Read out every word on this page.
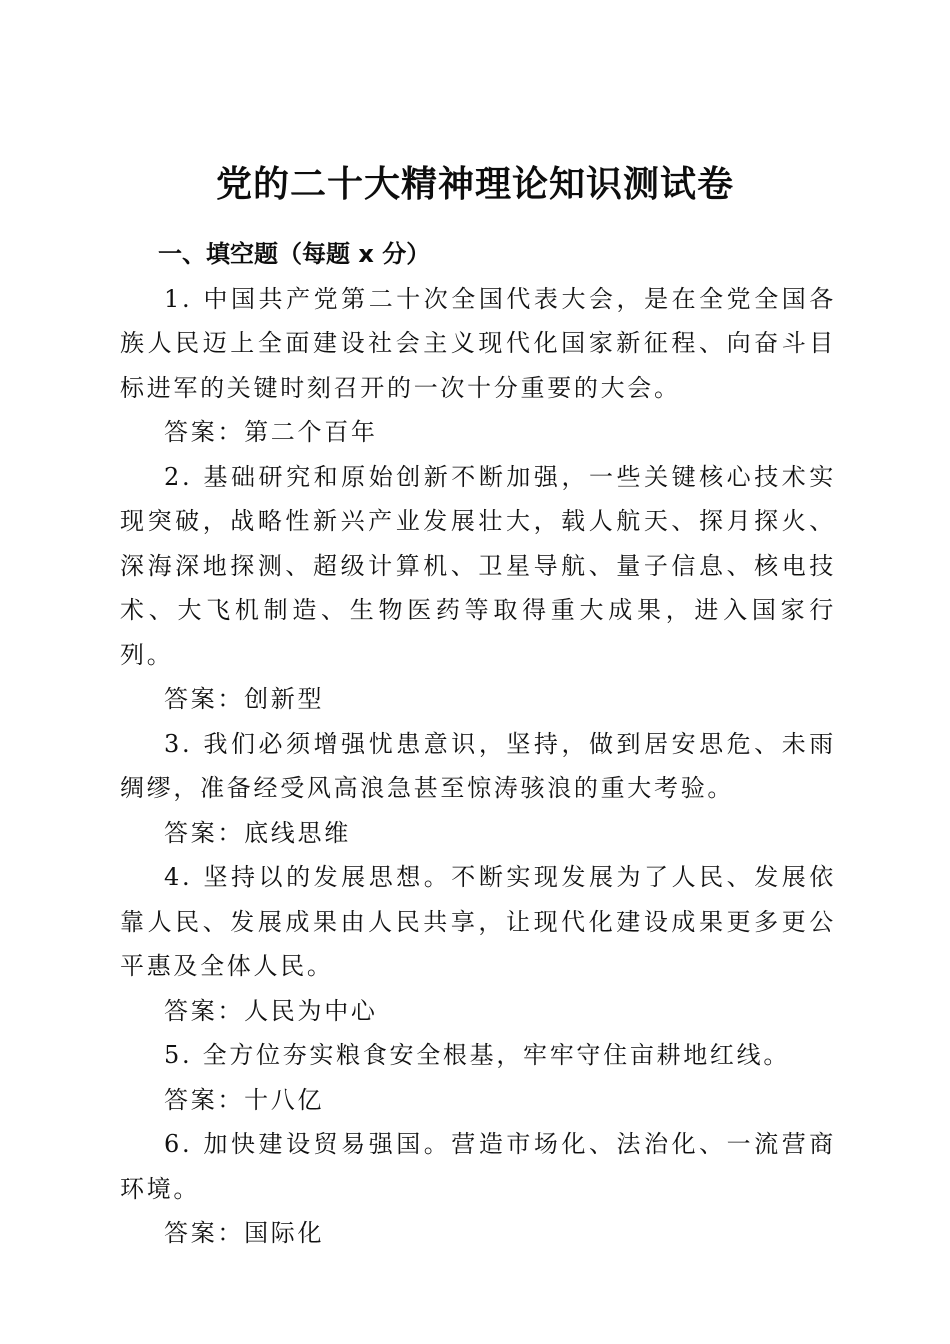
党的二十大精神理论知识测试卷

一、填空题（每题 x 分）

1. 中国共产党第二十次全国代表大会，是在全党全国各族人民迈上全面建设社会主义现代化国家新征程、向奋斗目标进军的关键时刻召开的一次十分重要的大会。

答案：第二个百年

2. 基础研究和原始创新不断加强，一些关键核心技术实现突破，战略性新兴产业发展壮大，载人航天、探月探火、深海深地探测、超级计算机、卫星导航、量子信息、核电技术、大飞机制造、生物医药等取得重大成果，进入国家行列。

答案：创新型

3. 我们必须增强忧患意识，坚持，做到居安思危、未雨绸缪，准备经受风高浪急甚至惊涛骇浪的重大考验。

答案：底线思维

4. 坚持以的发展思想。不断实现发展为了人民、发展依靠人民、发展成果由人民共享，让现代化建设成果更多更公平惠及全体人民。

答案：人民为中心

5. 全方位夯实粮食安全根基，牢牢守住亩耕地红线。

答案：十八亿

6. 加快建设贸易强国。营造市场化、法治化、一流营商环境。

答案：国际化
